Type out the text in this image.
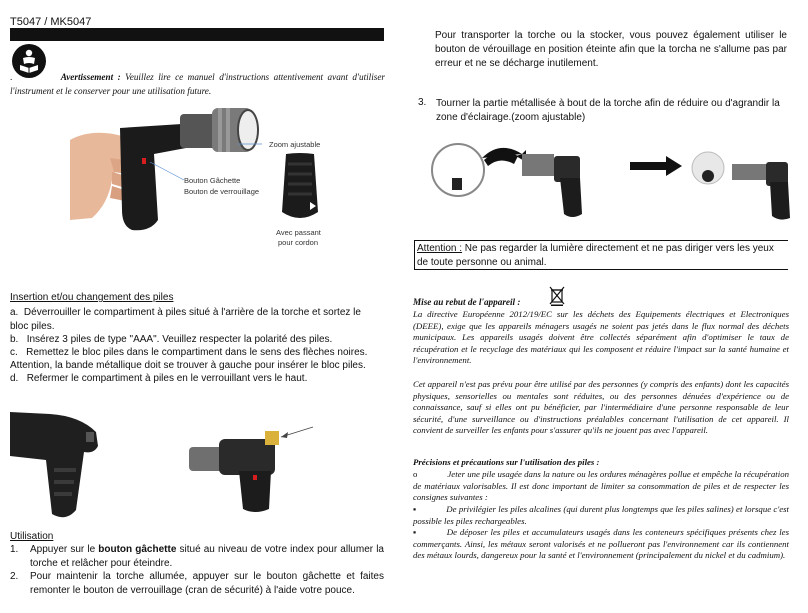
T5047 / MK5047
.	Avertissement : Veuillez lire ce manuel d'instructions attentivement avant d'utiliser l'instrument et le conserver pour une utilisation future.
Zoom ajustable
Bouton Gâchette
Bouton de verrouillage
Avec passant
pour cordon
Insertion et/ou changement des piles
a. Déverrouiller le compartiment à piles situé à l'arrière de la torche et sortez le bloc piles.
b. Insérez 3 piles de type "AAA". Veuillez respecter la polarité des piles.
c. Remettez le bloc piles dans le compartiment dans le sens des flèches noires.
Attention, la bande métallique doit se trouver à gauche pour insérer le bloc piles.
d. Refermer le compartiment à piles en le verrouillant vers le haut.
Utilisation
1. Appuyer sur le bouton gâchette situé au niveau de votre index pour allumer la torche et relâcher pour éteindre.
2. Pour maintenir la torche allumée, appuyer sur le bouton gâchette et faites remonter le bouton de verrouillage (cran de sécurité) à l'aide votre pouce.
Pour transporter la torche ou la stocker, vous pouvez également utiliser le bouton de vérouillage en position éteinte afin que la torcha ne s'allume pas par erreur et ne se décharge inutilement.
3. Tourner la partie métallisée à bout de la torche afin de réduire ou d'agrandir la zone d'éclairage.(zoom ajustable)
Attention : Ne pas regarder la lumière directement et ne pas diriger vers les yeux de toute personne ou animal.
Mise au rebut de l'appareil :
La directive Européenne 2012/19/EC sur les déchets des Equipements électriques et Electroniques (DEEE), exige que les appareils ménagers usagés ne soient pas jetés dans le flux normal des déchets municipaux. Les appareils usagés doivent être collectés séparément afin d'optimiser le taux de récupération et le recyclage des matériaux qui les composent et réduire l'impact sur la santé humaine et l'environnement.
Cet appareil n'est pas prévu pour être utilisé par des personnes (y compris des enfants) dont les capacités physiques, sensorielles ou mentales sont réduites, ou des personnes dénuées d'expérience ou de connaissance, sauf si elles ont pu bénéficier, par l'intermédiaire d'une personne responsable de leur sécurité, d'une surveillance ou d'instructions préalables concernant l'utilisation de cet appareil. Il convient de surveiller les enfants pour s'assurer qu'ils ne jouent pas avec l'appareil.
Précisions et précautions sur l'utilisation des piles :
o	Jeter une pile usagée dans la nature ou les ordures ménagères pollue et empêche la récupération de matériaux valorisables. Il est donc important de limiter sa consommation de piles et de respecter les consignes suivantes :
▪	De privilégier les piles alcalines (qui durent plus longtemps que les piles salines) et lorsque c'est possible les piles rechargeables.
▪	De déposer les piles et accumulateurs usagés dans les conteneurs spécifiques présents chez les commerçants. Ainsi, les métaux seront valorisés et ne pollueront pas l'environnement car ils contiennent des métaux lourds, dangereux pour la santé et l'environnement (principalement du nickel et du cadmium).
